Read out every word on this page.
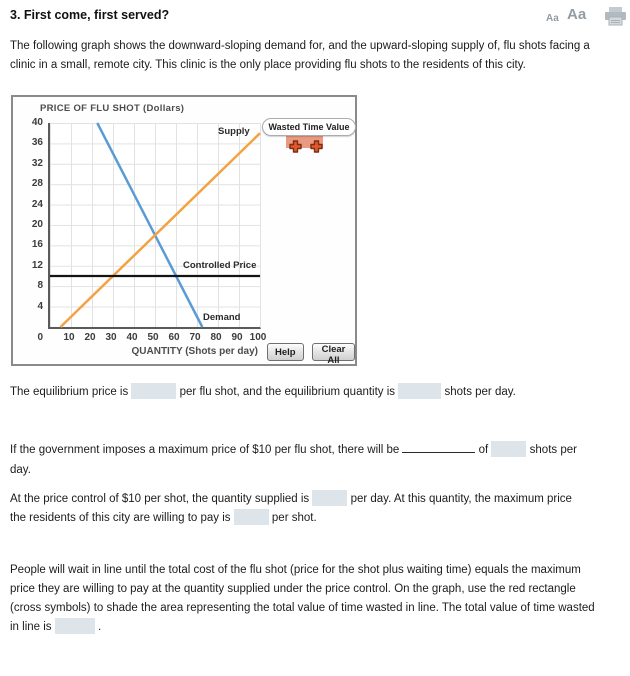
3. First come, first served?	Aa Aa
The following graph shows the downward-sloping demand for, and the upward-sloping supply of, flu shots facing a
clinic in a small, remote city. This clinic is the only place providing flu shots to the residents of this city.
PRICE OF FLU SHOT (Dollars)
Supply
Demand
Controlled Price
0
QUANTITY (Shots per day)
Wasted Time Value
Help	Clear All
40
36
32
28
24
20
16
12
8
4
10 20 30 40 50 60 70 80 90 100
The equilibrium price is	per flu shot, and the equilibrium quantity is	shots per day.
If the government imposes a maximum price of $10 per flu shot, there will be	of	shots per
day.
At the price control of $10 per shot, the quantity supplied is	per day. At this quantity, the maximum price
the residents of this city are willing to pay is	per shot.
People will wait in line until the total cost of the flu shot (price for the shot plus waiting time) equals the maximum
price they are willing to pay at the quantity supplied under the price control. On the graph, use the red rectangle
(cross symbols) to shade the area representing the total value of time wasted in line. The total value of time wasted
in line is	.
